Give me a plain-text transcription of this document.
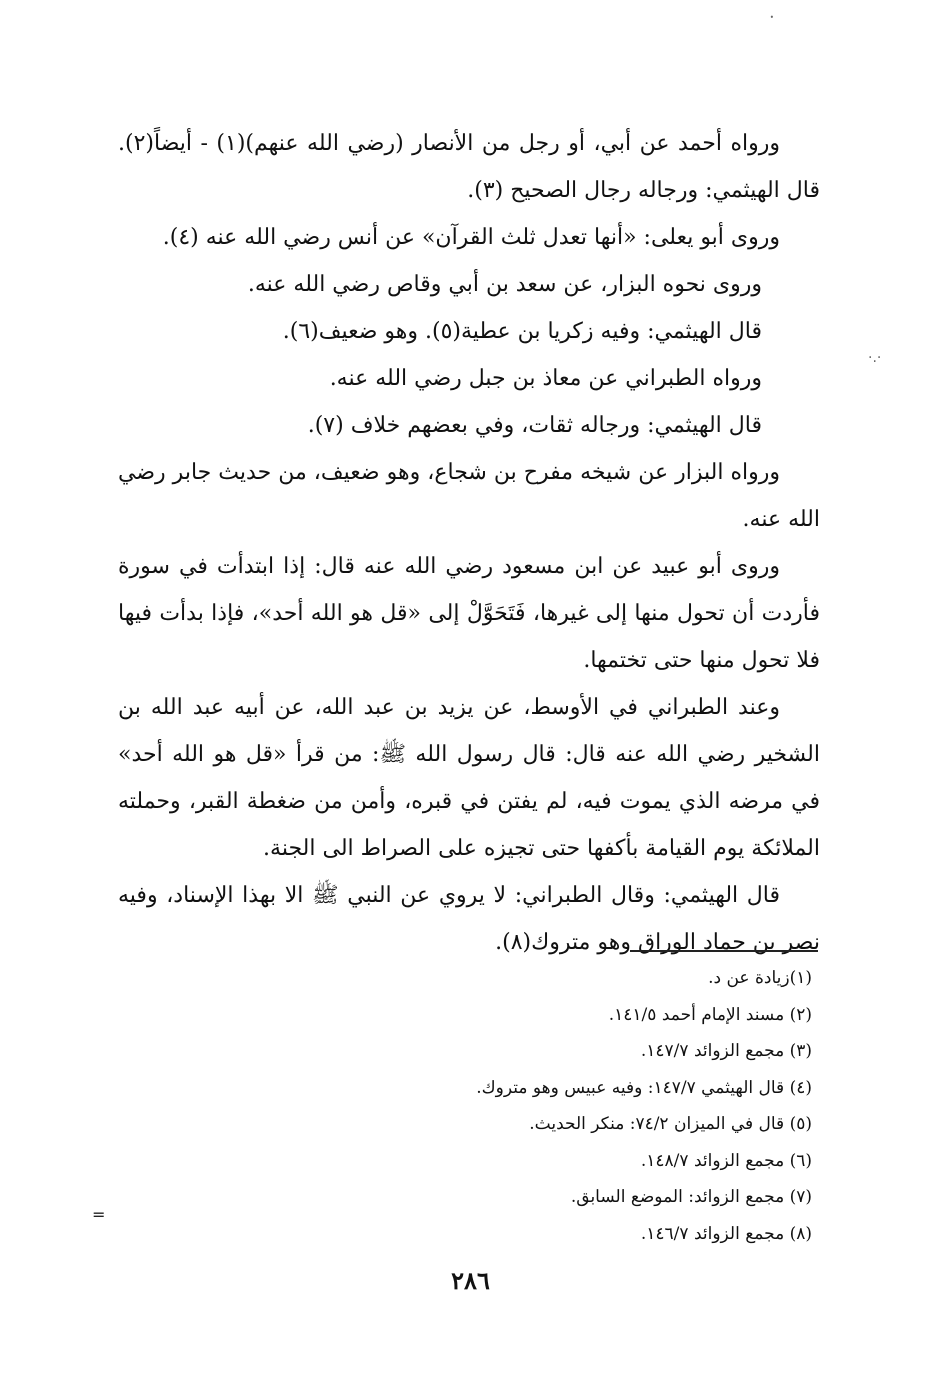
ꞏ
·.·
=

ورواه أحمد عن أبي، أو رجل من الأنصار (رضي الله عنهم)(١) - أيضاً(٢). قال الهيثمي: ورجاله رجال الصحيح (٣).

وروى أبو يعلى: «أنها تعدل ثلث القرآن» عن أنس رضي الله عنه (٤).

وروى نحوه البزار، عن سعد بن أبي وقاص رضي الله عنه.

قال الهيثمي: وفيه زكريا بن عطية(٥). وهو ضعيف(٦).

ورواه الطبراني عن معاذ بن جبل رضي الله عنه.

قال الهيثمي: ورجاله ثقات، وفي بعضهم خلاف (٧).

ورواه البزار عن شيخه مفرح بن شجاع، وهو ضعيف، من حديث جابر رضي الله عنه.

وروى أبو عبيد عن ابن مسعود رضي الله عنه قال: إذا ابتدأت في سورة فأردت أن تحول منها إلى غيرها، فَتَحَوَّلْ إلى «قل هو الله أحد»، فإذا بدأت فيها فلا تحول منها حتى تختمها.

وعند الطبراني في الأوسط، عن يزيد بن عبد الله، عن أبيه عبد الله بن الشخير رضي الله عنه قال: قال رسول الله ﷺ: من قرأ «قل هو الله أحد» في مرضه الذي يموت فيه، لم يفتن في قبره، وأمن من ضغطة القبر، وحملته الملائكة يوم القيامة بأكفها حتى تجيزه على الصراط الى الجنة.

قال الهيثمي: وقال الطبراني: لا يروي عن النبي ﷺ الا بهذا الإسناد، وفيه نصر بن حماد الوراق وهو متروك(٨).

(١)زيادة عن د.

(٢) مسند الإمام أحمد ١٤١/٥.

(٣) مجمع الزوائد ١٤٧/٧.

(٤) قال الهيثمي ١٤٧/٧: وفيه عبيس وهو متروك.

(٥) قال في الميزان ٧٤/٢: منكر الحديث.

(٦) مجمع الزوائد ١٤٨/٧.

(٧) مجمع الزوائد: الموضع السابق.

(٨) مجمع الزوائد ١٤٦/٧.

٢٨٦
